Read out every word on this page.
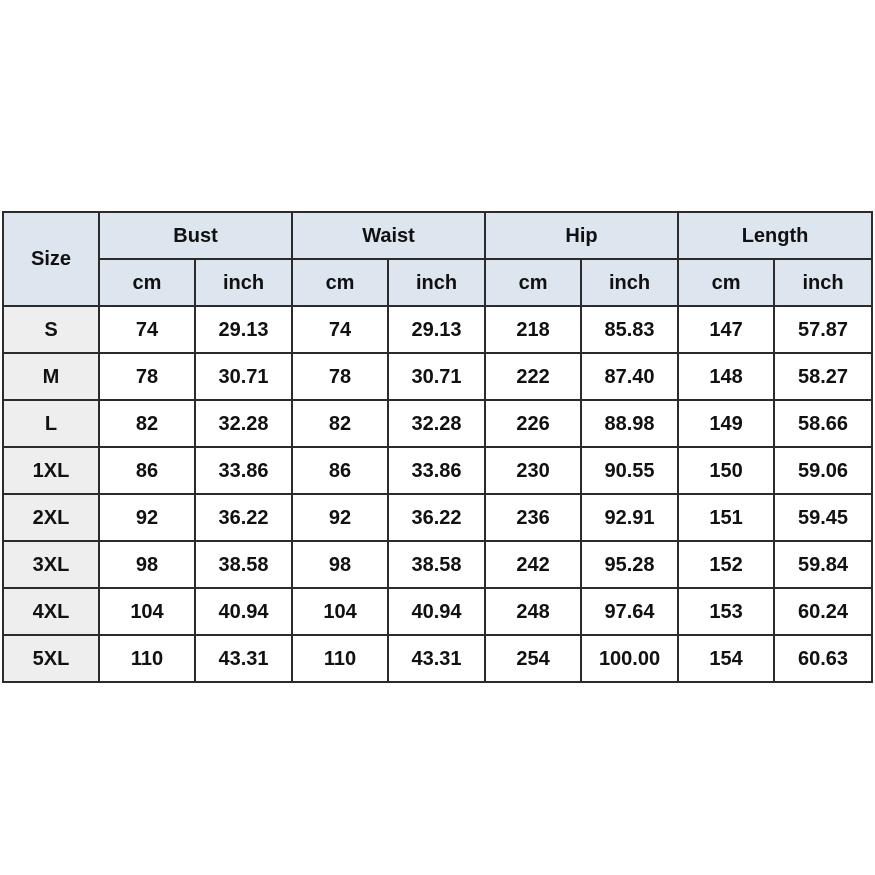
Size	Bust		Waist		Hip		Length	
	cm	inch	cm	inch	cm	inch	cm	inch
S	74	29.13	74	29.13	218	85.83	147	57.87
M	78	30.71	78	30.71	222	87.40	148	58.27
L	82	32.28	82	32.28	226	88.98	149	58.66
1XL	86	33.86	86	33.86	230	90.55	150	59.06
2XL	92	36.22	92	36.22	236	92.91	151	59.45
3XL	98	38.58	98	38.58	242	95.28	152	59.84
4XL	104	40.94	104	40.94	248	97.64	153	60.24
5XL	110	43.31	110	43.31	254	100.00	154	60.63
